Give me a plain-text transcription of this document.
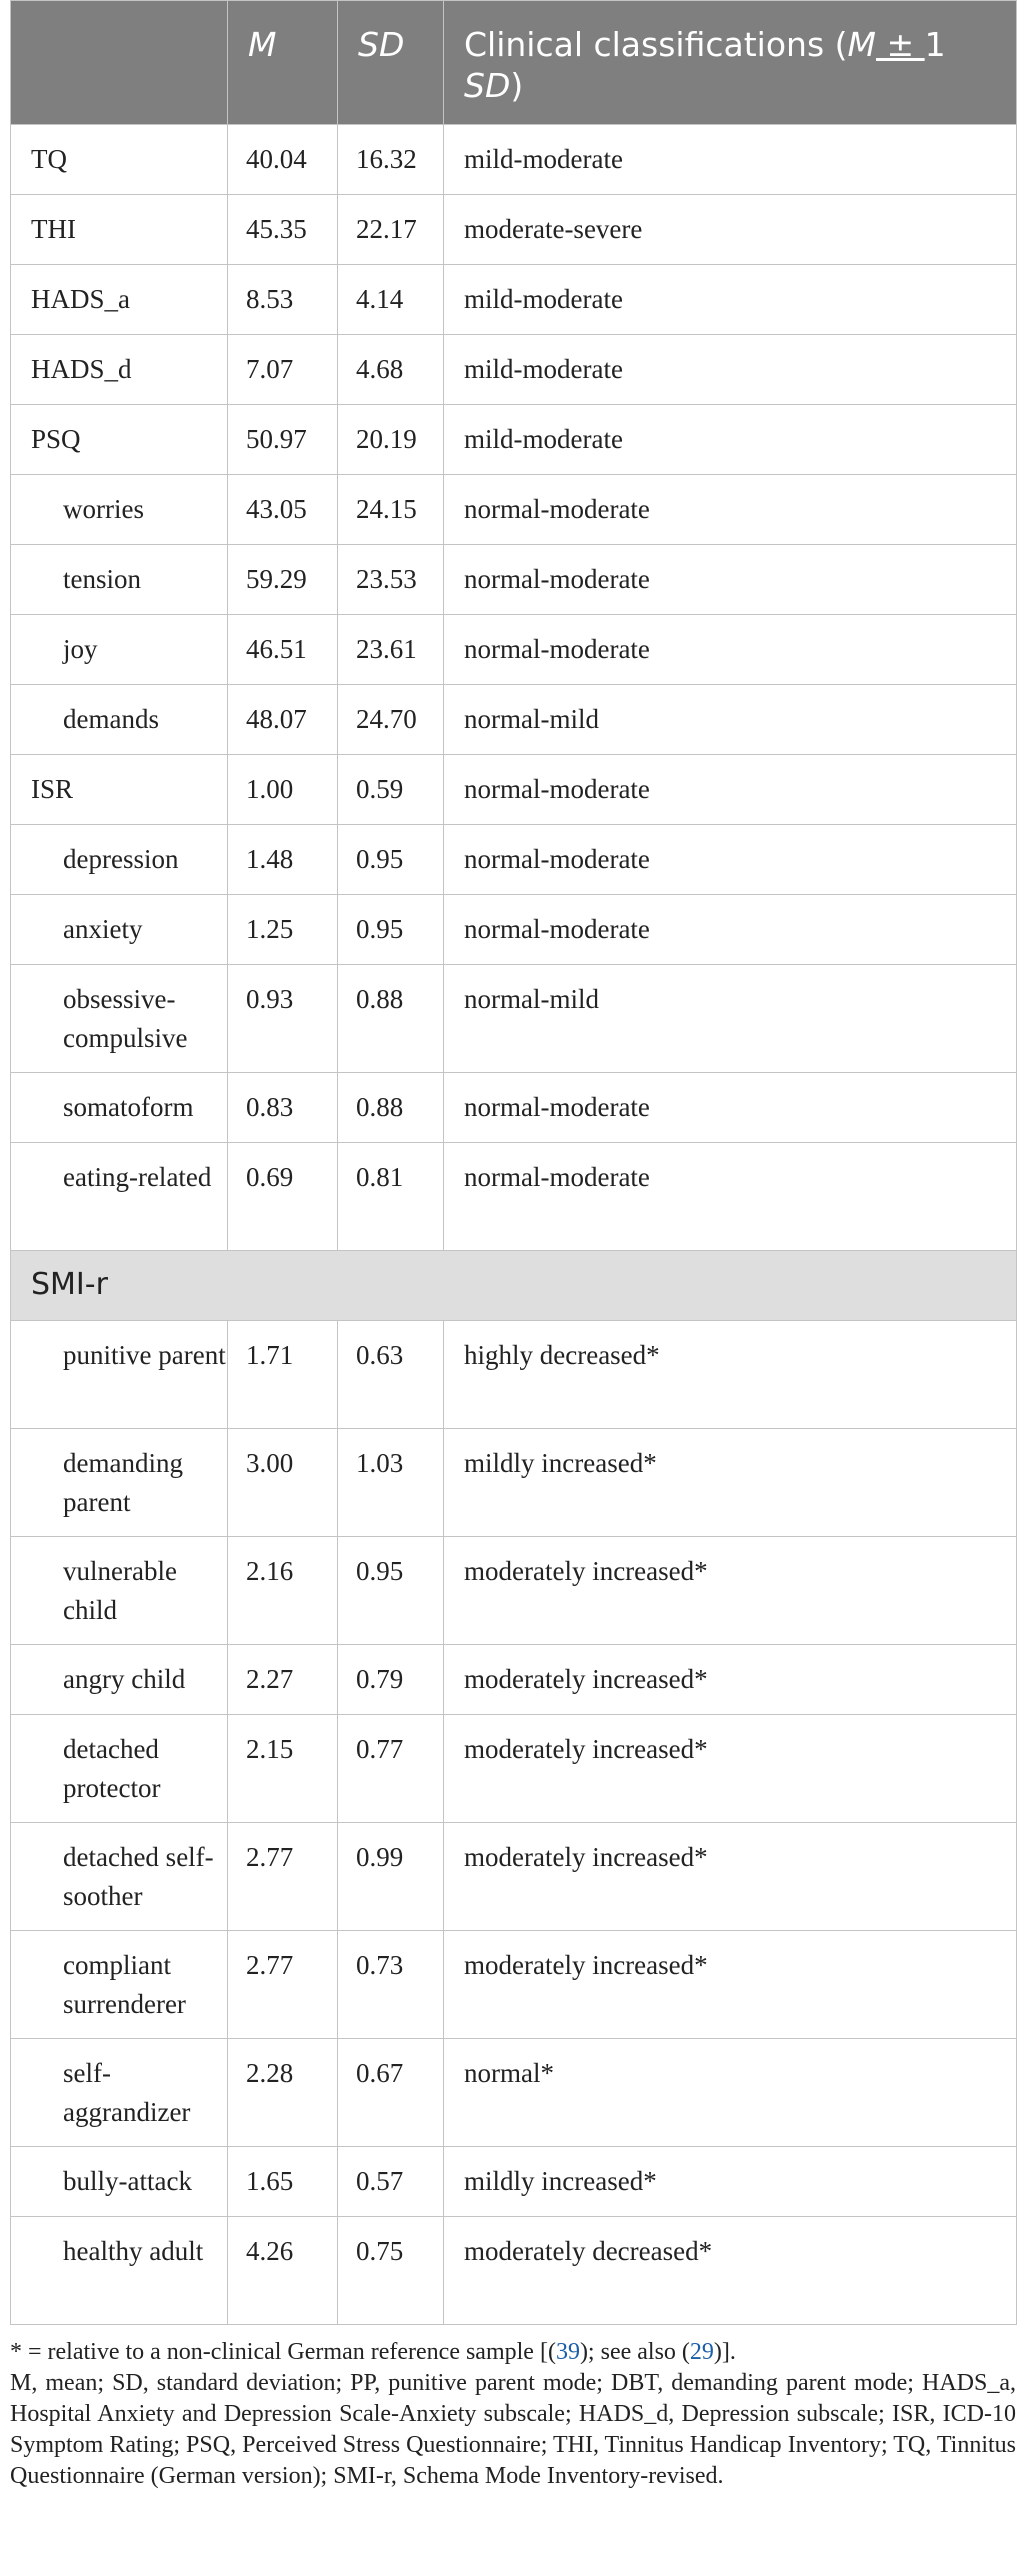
	M	SD	Clinical classifications (M ± 1 SD)
TQ	40.04	16.32	mild-moderate
THI	45.35	22.17	moderate-severe
HADS_a	8.53	4.14	mild-moderate
HADS_d	7.07	4.68	mild-moderate
PSQ	50.97	20.19	mild-moderate
worries	43.05	24.15	normal-moderate
tension	59.29	23.53	normal-moderate
joy	46.51	23.61	normal-moderate
demands	48.07	24.70	normal-mild
ISR	1.00	0.59	normal-moderate
depression	1.48	0.95	normal-moderate
anxiety	1.25	0.95	normal-moderate
obsessive-compulsive	0.93	0.88	normal-mild
somatoform	0.83	0.88	normal-moderate
eating-related	0.69	0.81	normal-moderate
SMI-r			
punitive parent	1.71	0.63	highly decreased*
demanding parent	3.00	1.03	mildly increased*
vulnerable child	2.16	0.95	moderately increased*
angry child	2.27	0.79	moderately increased*
detached protector	2.15	0.77	moderately increased*
detached self-soother	2.77	0.99	moderately increased*
compliant surrenderer	2.77	0.73	moderately increased*
self-aggrandizer	2.28	0.67	normal*
bully-attack	1.65	0.57	mildly increased*
healthy adult	4.26	0.75	moderately decreased*

* = relative to a non-clinical German reference sample [(39); see also (29)].

M, mean; SD, standard deviation; PP, punitive parent mode; DBT, demanding parent mode; HADS_a, Hospital Anxiety and Depression Scale-Anxiety subscale; HADS_d, Depression subscale; ISR, ICD-10 Symptom Rating; PSQ, Perceived Stress Questionnaire; THI, Tinnitus Handicap Inventory; TQ, Tinnitus Questionnaire (German version); SMI-r, Schema Mode Inventory-revised.
